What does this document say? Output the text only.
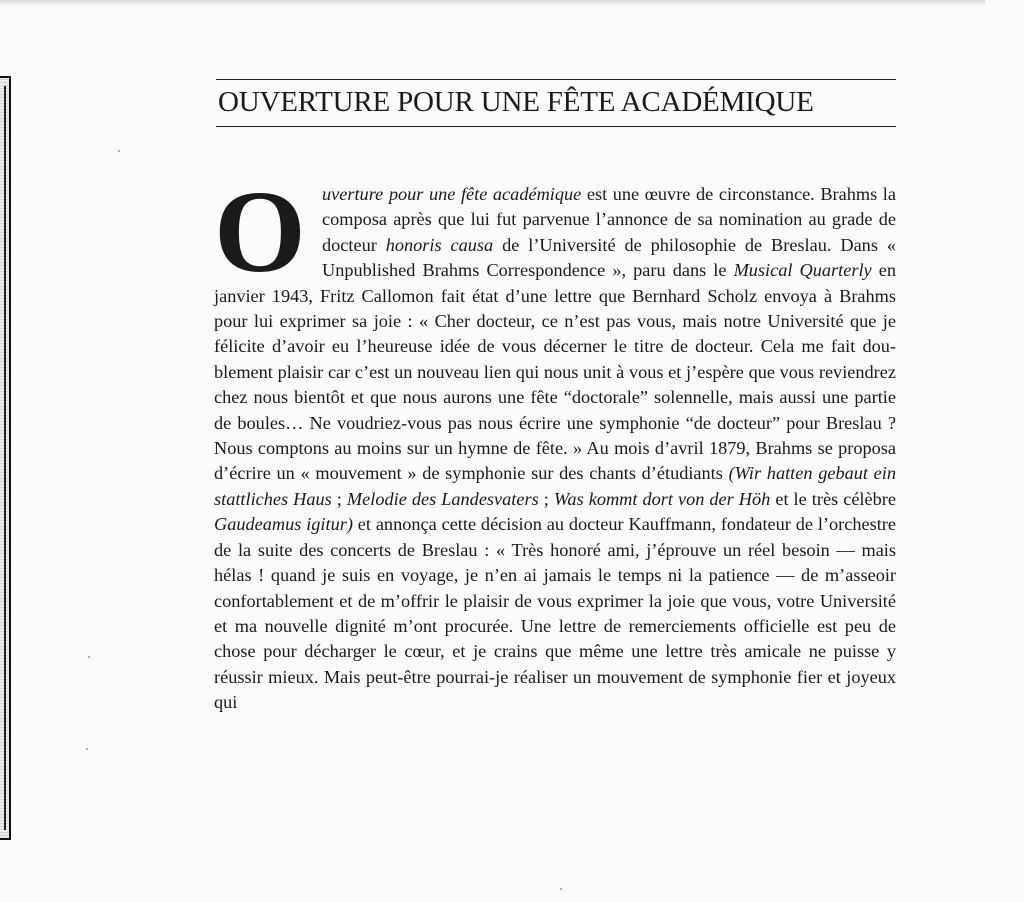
OUVERTURE POUR UNE FÊTE ACADÉMIQUE

O uverture pour une fête académique est une œuvre de circonstance. Brahms la composa après que lui fut parvenue l’annonce de sa nomination au grade de docteur honoris causa de l’Université de philosophie de Breslau. Dans « Unpublished Brahms Correspondence », paru dans le Musical Quarterly en janvier 1943, Fritz Callomon fait état d’une lettre que Bernhard Scholz envoya à Brahms pour lui exprimer sa joie : « Cher docteur, ce n’est pas vous, mais notre Université que je félicite d’avoir eu l’heureuse idée de vous décerner le titre de docteur. Cela me fait doublement plaisir car c’est un nouveau lien qui nous unit à vous et j’espère que vous reviendrez chez nous bientôt et que nous aurons une fête “doctorale” solennelle, mais aussi une partie de boules… Ne voudriez-vous pas nous écrire une symphonie “de docteur” pour Breslau ? Nous comptons au moins sur un hymne de fête. » Au mois d’avril 1879, Brahms se proposa d’écrire un « mouvement » de symphonie sur des chants d’étudiants (Wir hatten gebaut ein stattliches Haus ; Melodie des Landesvaters ; Was kommt dort von der Höh et le très célèbre Gaudeamus igitur) et annonça cette décision au docteur Kauffmann, fondateur de l’orchestre de la suite des concerts de Breslau : « Très honoré ami, j’éprouve un réel besoin — mais hélas ! quand je suis en voyage, je n’en ai jamais le temps ni la patience — de m’asseoir confortablement et de m’offrir le plaisir de vous exprimer la joie que vous, votre Université et ma nouvelle dignité m’ont procurée. Une lettre de remerciements officielle est peu de chose pour décharger le cœur, et je crains que même une lettre très amicale ne puisse y réussir mieux. Mais peut-être pourrai-je réaliser un mouvement de symphonie fier et joyeux qui
